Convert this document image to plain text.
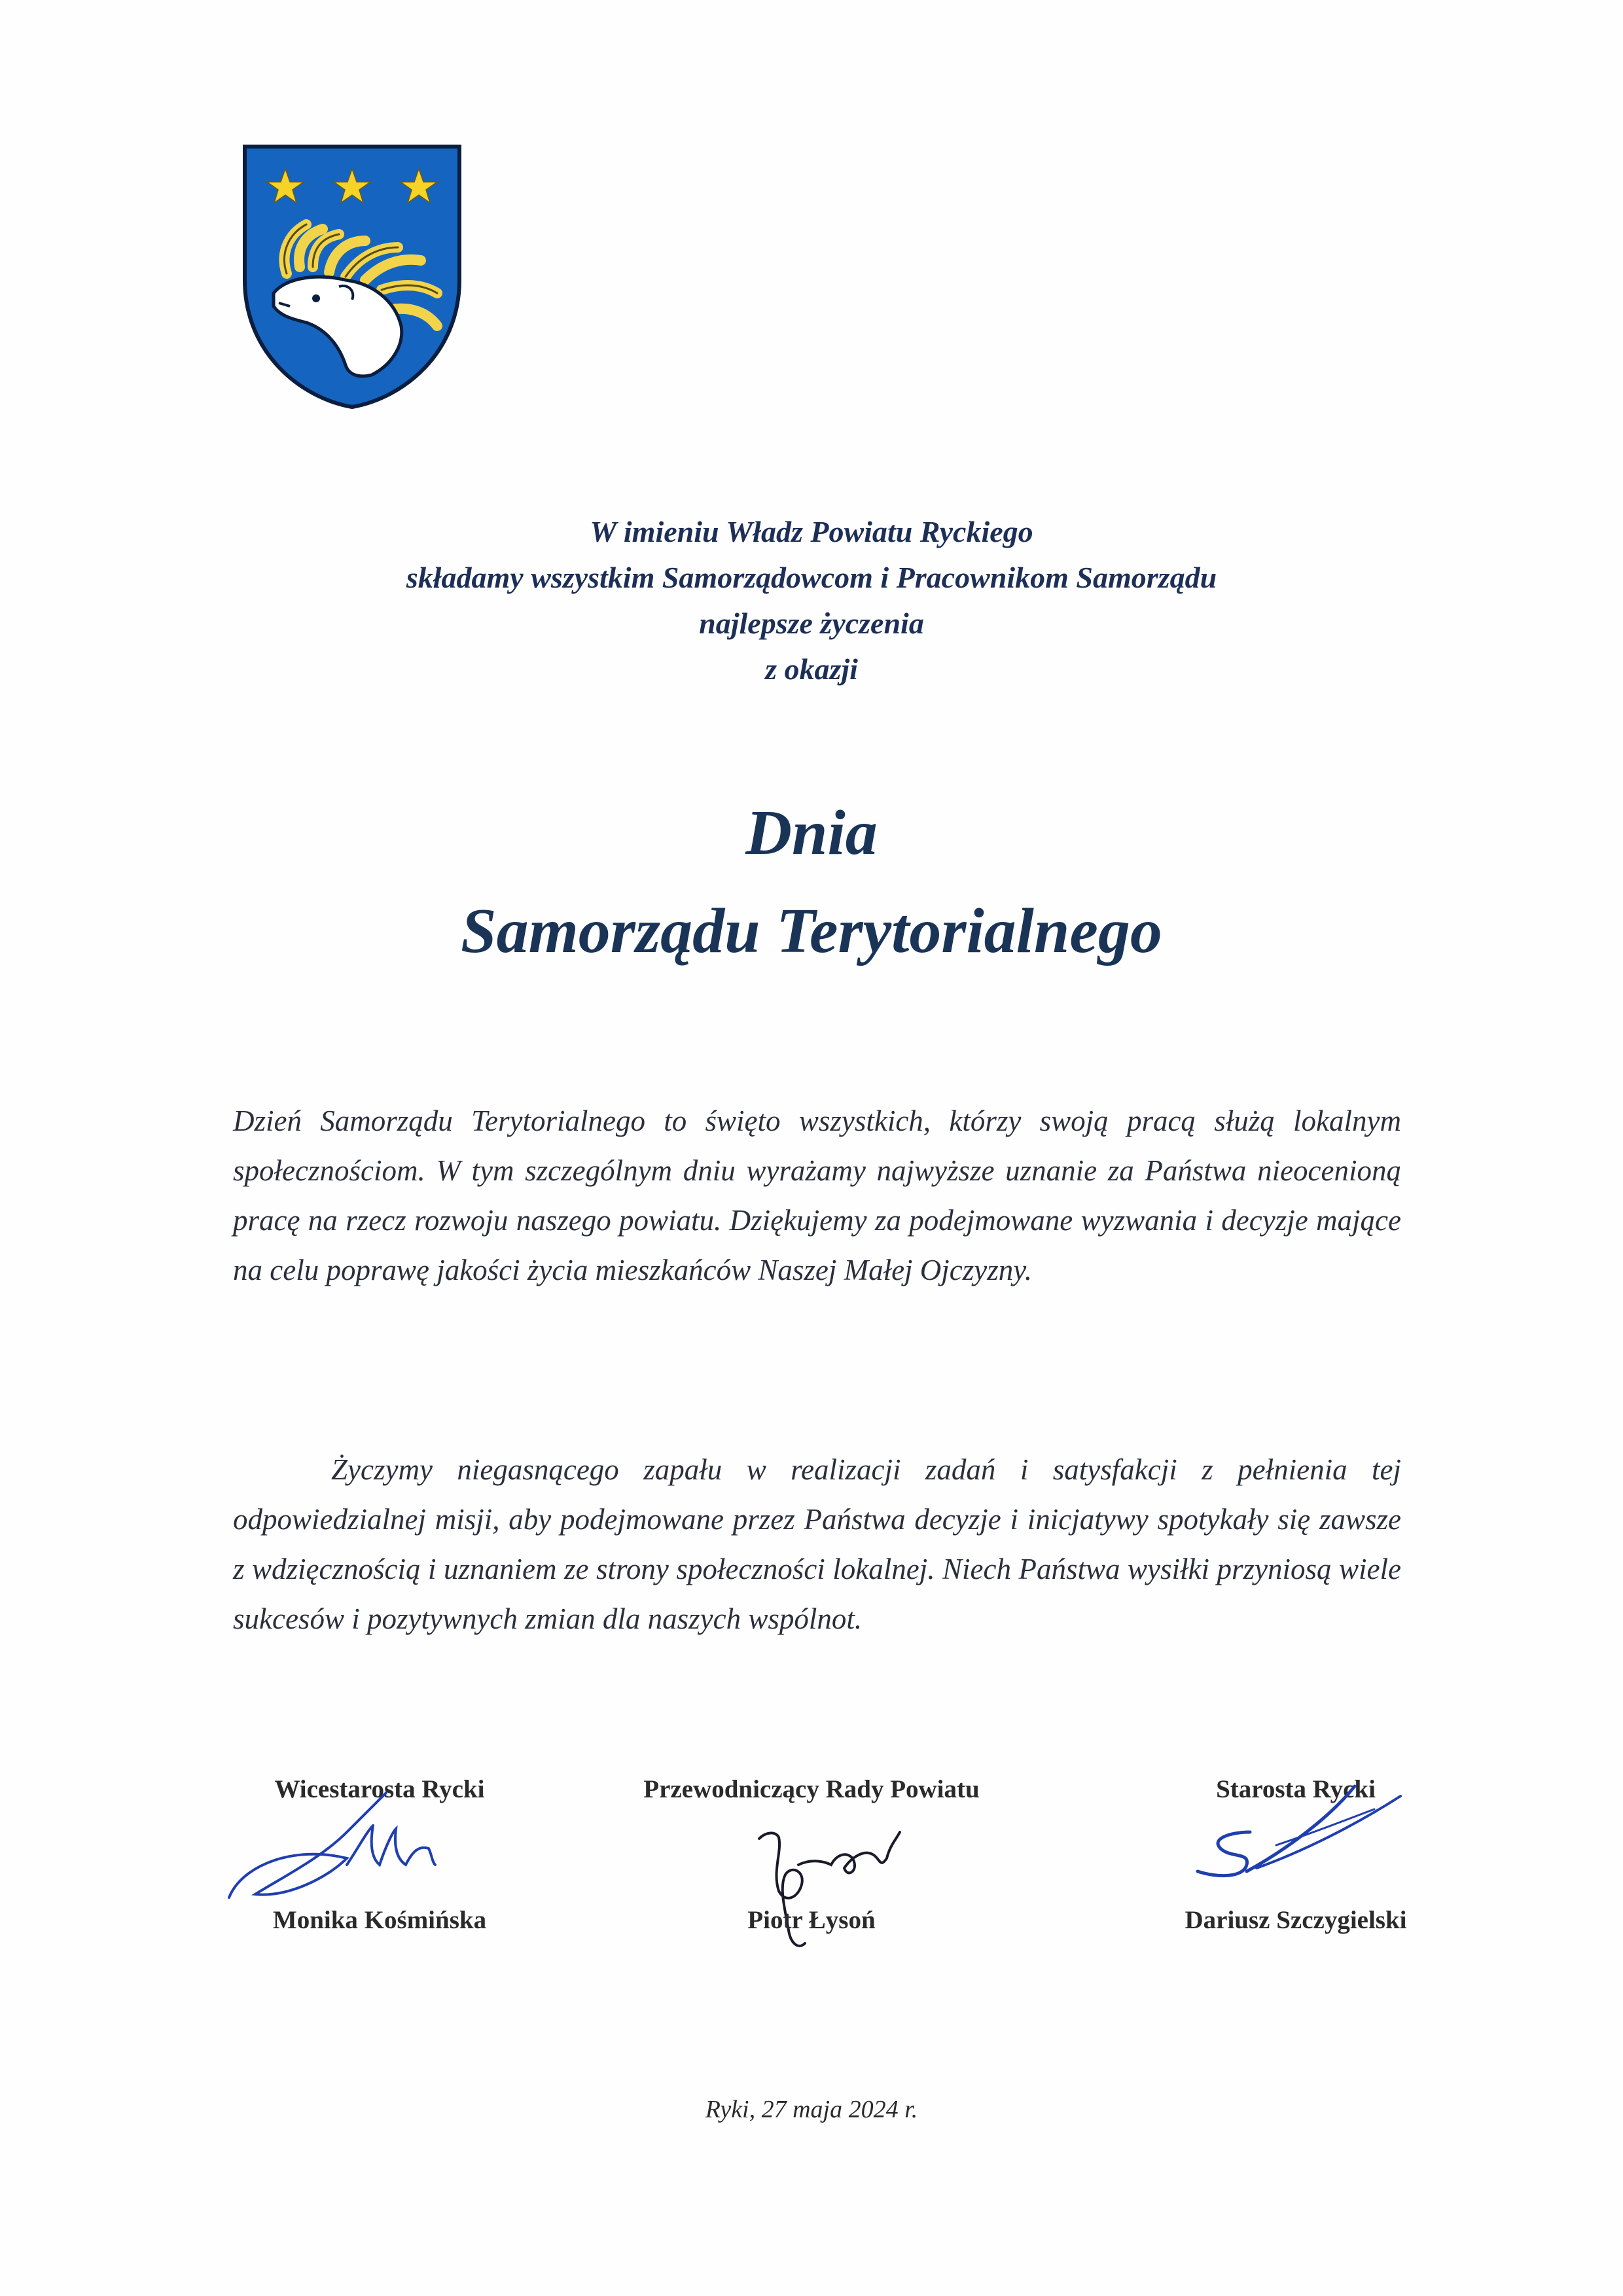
W imieniu Władz Powiatu Ryckiego
składamy wszystkim Samorządowcom i Pracownikom Samorządu
najlepsze życzenia
z okazji
Dnia
Samorządu Terytorialnego
Dzień Samorządu Terytorialnego to święto wszystkich, którzy swoją pracą służą lokalnym społecznościom. W tym szczególnym dniu wyrażamy najwyższe uznanie za Państwa nieocenioną pracę na rzecz rozwoju naszego powiatu. Dziękujemy za podejmowane wyzwania i decyzje mające na celu poprawę jakości życia mieszkańców Naszej Małej Ojczyzny.
Życzymy niegasnącego zapału w realizacji zadań i satysfakcji z pełnienia tej odpowiedzialnej misji, aby podejmowane przez Państwa decyzje i inicjatywy spotykały się zawsze z wdzięcznością i uznaniem ze strony społeczności lokalnej. Niech Państwa wysiłki przyniosą wiele sukcesów i pozytywnych zmian dla naszych wspólnot.
Wicestarosta Rycki	Przewodniczący Rady Powiatu	Starosta Rycki
Monika Kośmińska	Piotr Łysoń	Dariusz Szczygielski
Ryki, 27 maja 2024 r.
